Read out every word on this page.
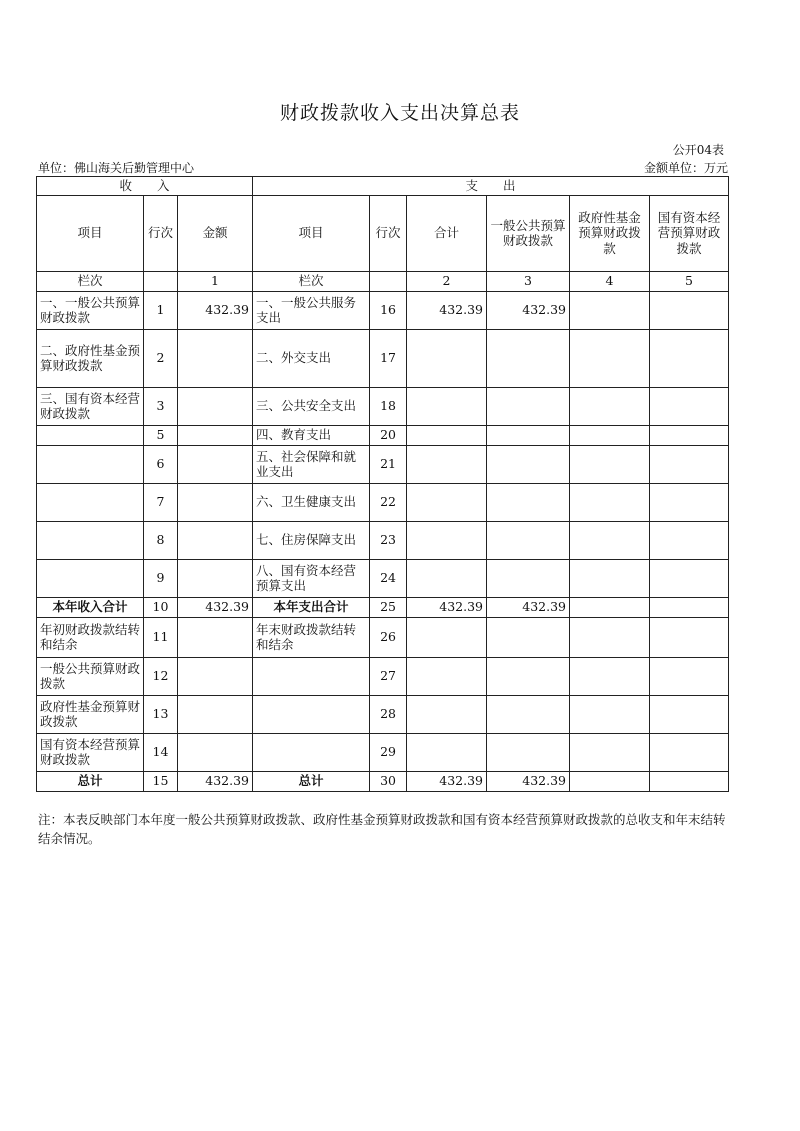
财政拨款收入支出决算总表
公开04表
单位：佛山海关后勤管理中心	金额单位：万元
收　　入			支　　出					
项目	行次	金额	项目	行次	合计	一般公共预算财政拨款	政府性基金预算财政拨款	国有资本经营预算财政拨款
栏次		1	栏次		2	3	4	5
一、一般公共预算财政拨款	1	432.39	一、一般公共服务支出	16	432.39	432.39		
二、政府性基金预算财政拨款	2		二、外交支出	17				
三、国有资本经营财政拨款	3		三、公共安全支出	18				
	5		四、教育支出	20				
	6		五、社会保障和就业支出	21				
	7		六、卫生健康支出	22				
	8		七、住房保障支出	23				
	9		八、国有资本经营预算支出	24				
本年收入合计	10	432.39	本年支出合计	25	432.39	432.39		
年初财政拨款结转和结余	11		年末财政拨款结转和结余	26				
一般公共预算财政拨款	12			27				
政府性基金预算财政拨款	13			28				
国有资本经营预算财政拨款	14			29				
总计	15	432.39	总计	30	432.39	432.39		
注：本表反映部门本年度一般公共预算财政拨款、政府性基金预算财政拨款和国有资本经营预算财政拨款的总收支和年末结转结余情况。
